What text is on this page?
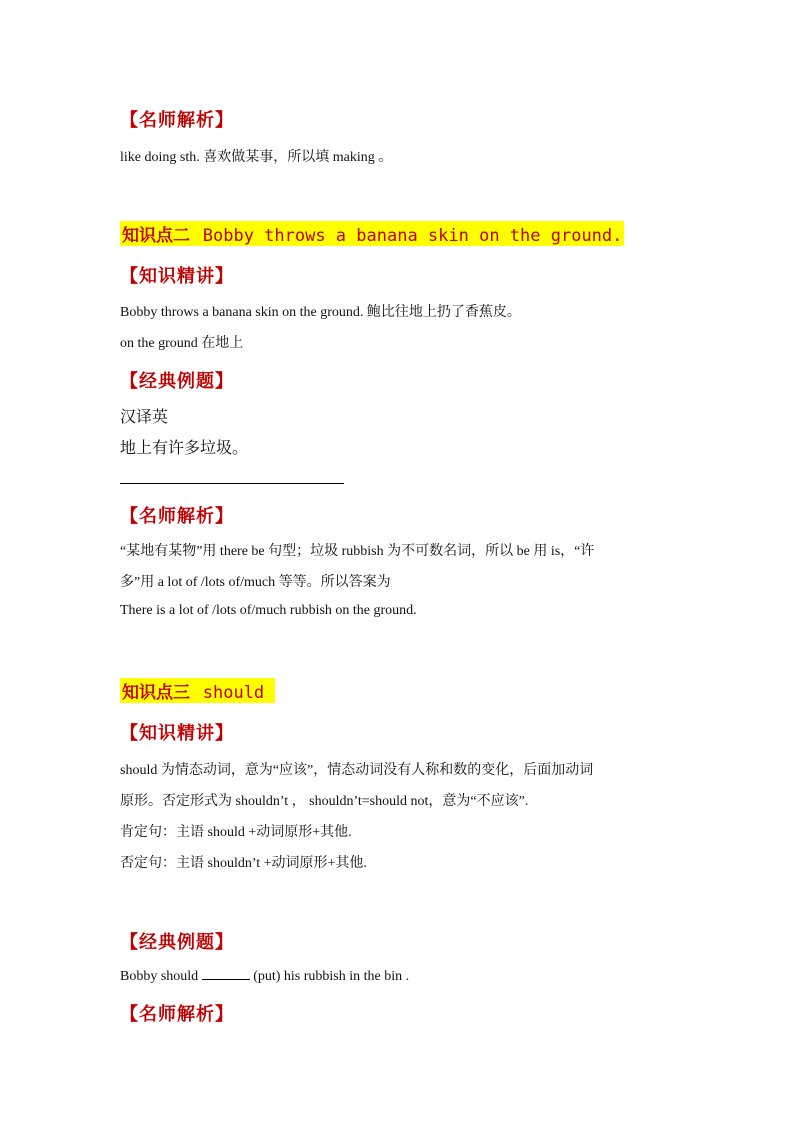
【名师解析】
like doing sth. 喜欢做某事，所以填 making 。
知识点二 Bobby throws a banana skin on the ground.
【知识精讲】
Bobby throws a banana skin on the ground. 鲍比往地上扔了香蕉皮。
on the ground 在地上
【经典例题】
汉译英
地上有许多垃圾。
【名师解析】
“某地有某物”用 there be 句型；垃圾 rubbish 为不可数名词，所以 be 用 is，“许
多”用 a lot of /lots of/much 等等。所以答案为
There is a lot of /lots of/much rubbish on the ground.
知识点三 should
【知识精讲】
should 为情态动词，意为“应该”，情态动词没有人称和数的变化，后面加动词
原形。否定形式为 shouldn’t ， shouldn’t=should not，意为“不应该”.
肯定句：主语 should +动词原形+其他.
否定句：主语 shouldn’t +动词原形+其他.
【经典例题】
Bobby should	(put) his rubbish in the bin .
【名师解析】
